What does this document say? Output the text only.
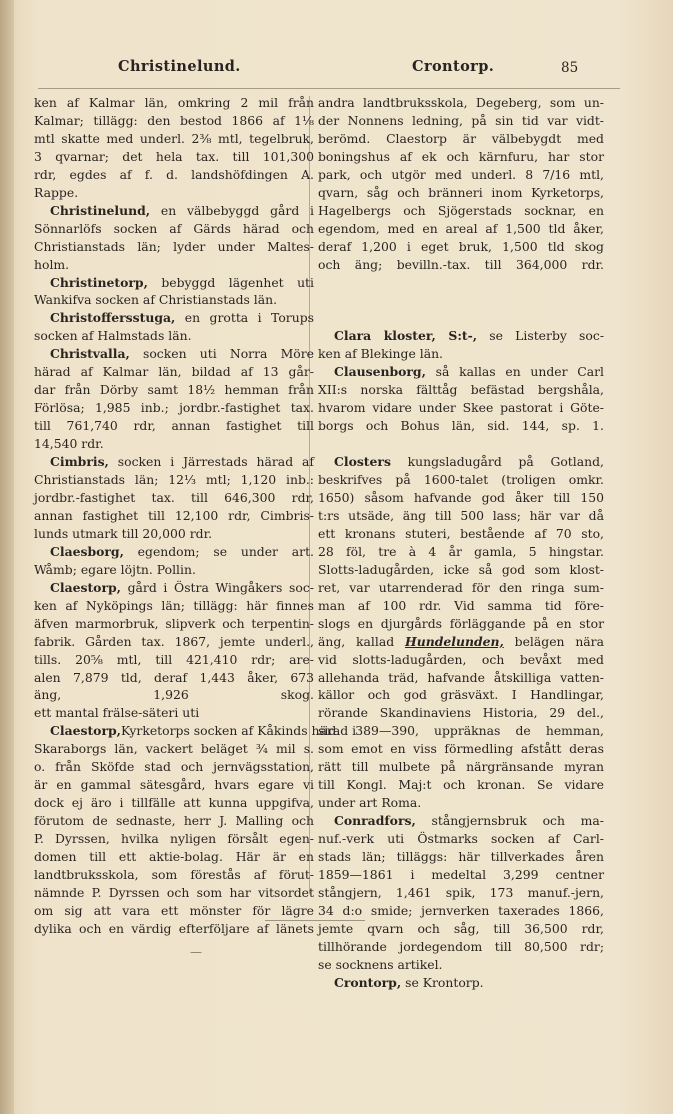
Christinelund.	Crontorp.	85
ken af Kalmar län, omkring 2 mil från
Kalmar; tillägg: den bestod 1866 af 1⅛
mtl skatte med underl. 2⅜ mtl, tegelbruk,
3 qvarnar; det hela tax. till 101,300
rdr, egdes af f. d. landshöfdingen A.
Rappe.
Christinelund, en välbebyggd gård i
Sönnarlöfs socken af Gärds härad och
Christianstads län; lyder under Maltes-
holm.
Christinetorp, bebyggd lägenhet uti
Wankifva socken af Christianstads län.
Christoffersstuga, en grotta i Torups
socken af Halmstads län.
Christvalla, socken uti Norra Möre
härad af Kalmar län, bildad af 13 går-
dar från Dörby samt 18½ hemman från
Förlösa; 1,985 inb.; jordbr.-fastighet tax.
till 761,740 rdr, annan fastighet till
14,540 rdr.
Cimbris, socken i Järrestads härad af
Christianstads län; 12⅓ mtl; 1,120 inb.:
jordbr.-fastighet tax. till 646,300 rdr,
annan fastighet till 12,100 rdr, Cimbris-
lunds utmark till 20,000 rdr.
Claesborg, egendom; se under art.
Wåmb; egare löjtn. Pollin.
Claestorp, gård i Östra Wingåkers soc-
ken af Nyköpings län; tillägg: här finnes
äfven marmorbruk, slipverk och terpentin-
fabrik. Gården tax. 1867, jemte underl.,
tills. 20⅝ mtl, till 421,410 rdr; are-
alen 7,879 tld, deraf 1,443 åker, 673
äng, 1,926 skog.
ett mantal frälse-säteri uti
Claestorp,Kyrketorps socken af Kåkinds härad i
Skaraborgs län, vackert beläget ¾ mil s.
o. från Sköfde stad och jernvägsstation,
är en gammal sätesgård, hvars egare vi
dock ej äro i tillfälle att kunna uppgifva,
förutom de sednaste, herr J. Malling och
P. Dyrssen, hvilka nyligen försålt egen-
domen till ett aktie-bolag. Här är en
landtbruksskola, som förestås af förut-
nämnde P. Dyrssen och som har vitsordet
om sig att vara ett mönster för lägre
dylika och en värdig efterföljare af länets

andra landtbruksskola, Degeberg, som un-
der Nonnens ledning, på sin tid var vidt-
berömd. Claestorp är välbebygdt med
boningshus af ek och kärnfuru, har stor
park, och utgör med underl. 8 7/16 mtl,
qvarn, såg och bränneri inom Kyrketorps,
Hagelbergs och Sjögerstads socknar, en
egendom, med en areal af 1,500 tld åker,
deraf 1,200 i eget bruk, 1,500 tld skog
och äng; bevilln.-tax. till 364,000 rdr.

Clara kloster, S:t-, se Listerby soc-
ken af Blekinge län.
Clausenborg, så kallas en under Carl
XII:s norska fälttåg befästad bergshåla,
hvarom vidare under Skee pastorat i Göte-
borgs och Bohus län, sid. 144, sp. 1.

Closters kungsladugård på Gotland,
beskrifves på 1600-talet (troligen omkr.
1650) såsom hafvande god åker till 150
t:rs utsäde, äng till 500 lass; här var då
ett kronans stuteri, bestående af 70 sto,
28 föl, tre à 4 år gamla, 5 hingstar.
Slotts-ladugården, icke så god som klost-
ret, var utarrenderad för den ringa sum-
man af 100 rdr. Vid samma tid före-
slogs en djurgårds förläggande på en stor
äng, kallad Hundelunden, belägen nära
vid slotts-ladugården, och bevåxt med
allehanda träd, hafvande åtskilliga vatten-
källor och god gräsväxt. I Handlingar,
rörande Skandinaviens Historia, 29 del.,
sid. 389—390, uppräknas de hemman,
som emot en viss förmedling afstått deras
rätt till mulbete på närgränsande myran
till Kongl. Maj:t och kronan. Se vidare
under art Roma.
Conradfors, stångjernsbruk och ma-
nuf.-verk uti Östmarks socken af Carl-
stads län; tilläggs: här tillverkades åren
1859—1861 i medeltal 3,299 centner
stångjern, 1,461 spik, 173 manuf.-jern,
34 d:o smide; jernverken taxerades 1866,
jemte qvarn och såg, till 36,500 rdr,
tillhörande jordegendom till 80,500 rdr;
se socknens artikel.
Crontorp, se Krontorp.
—
